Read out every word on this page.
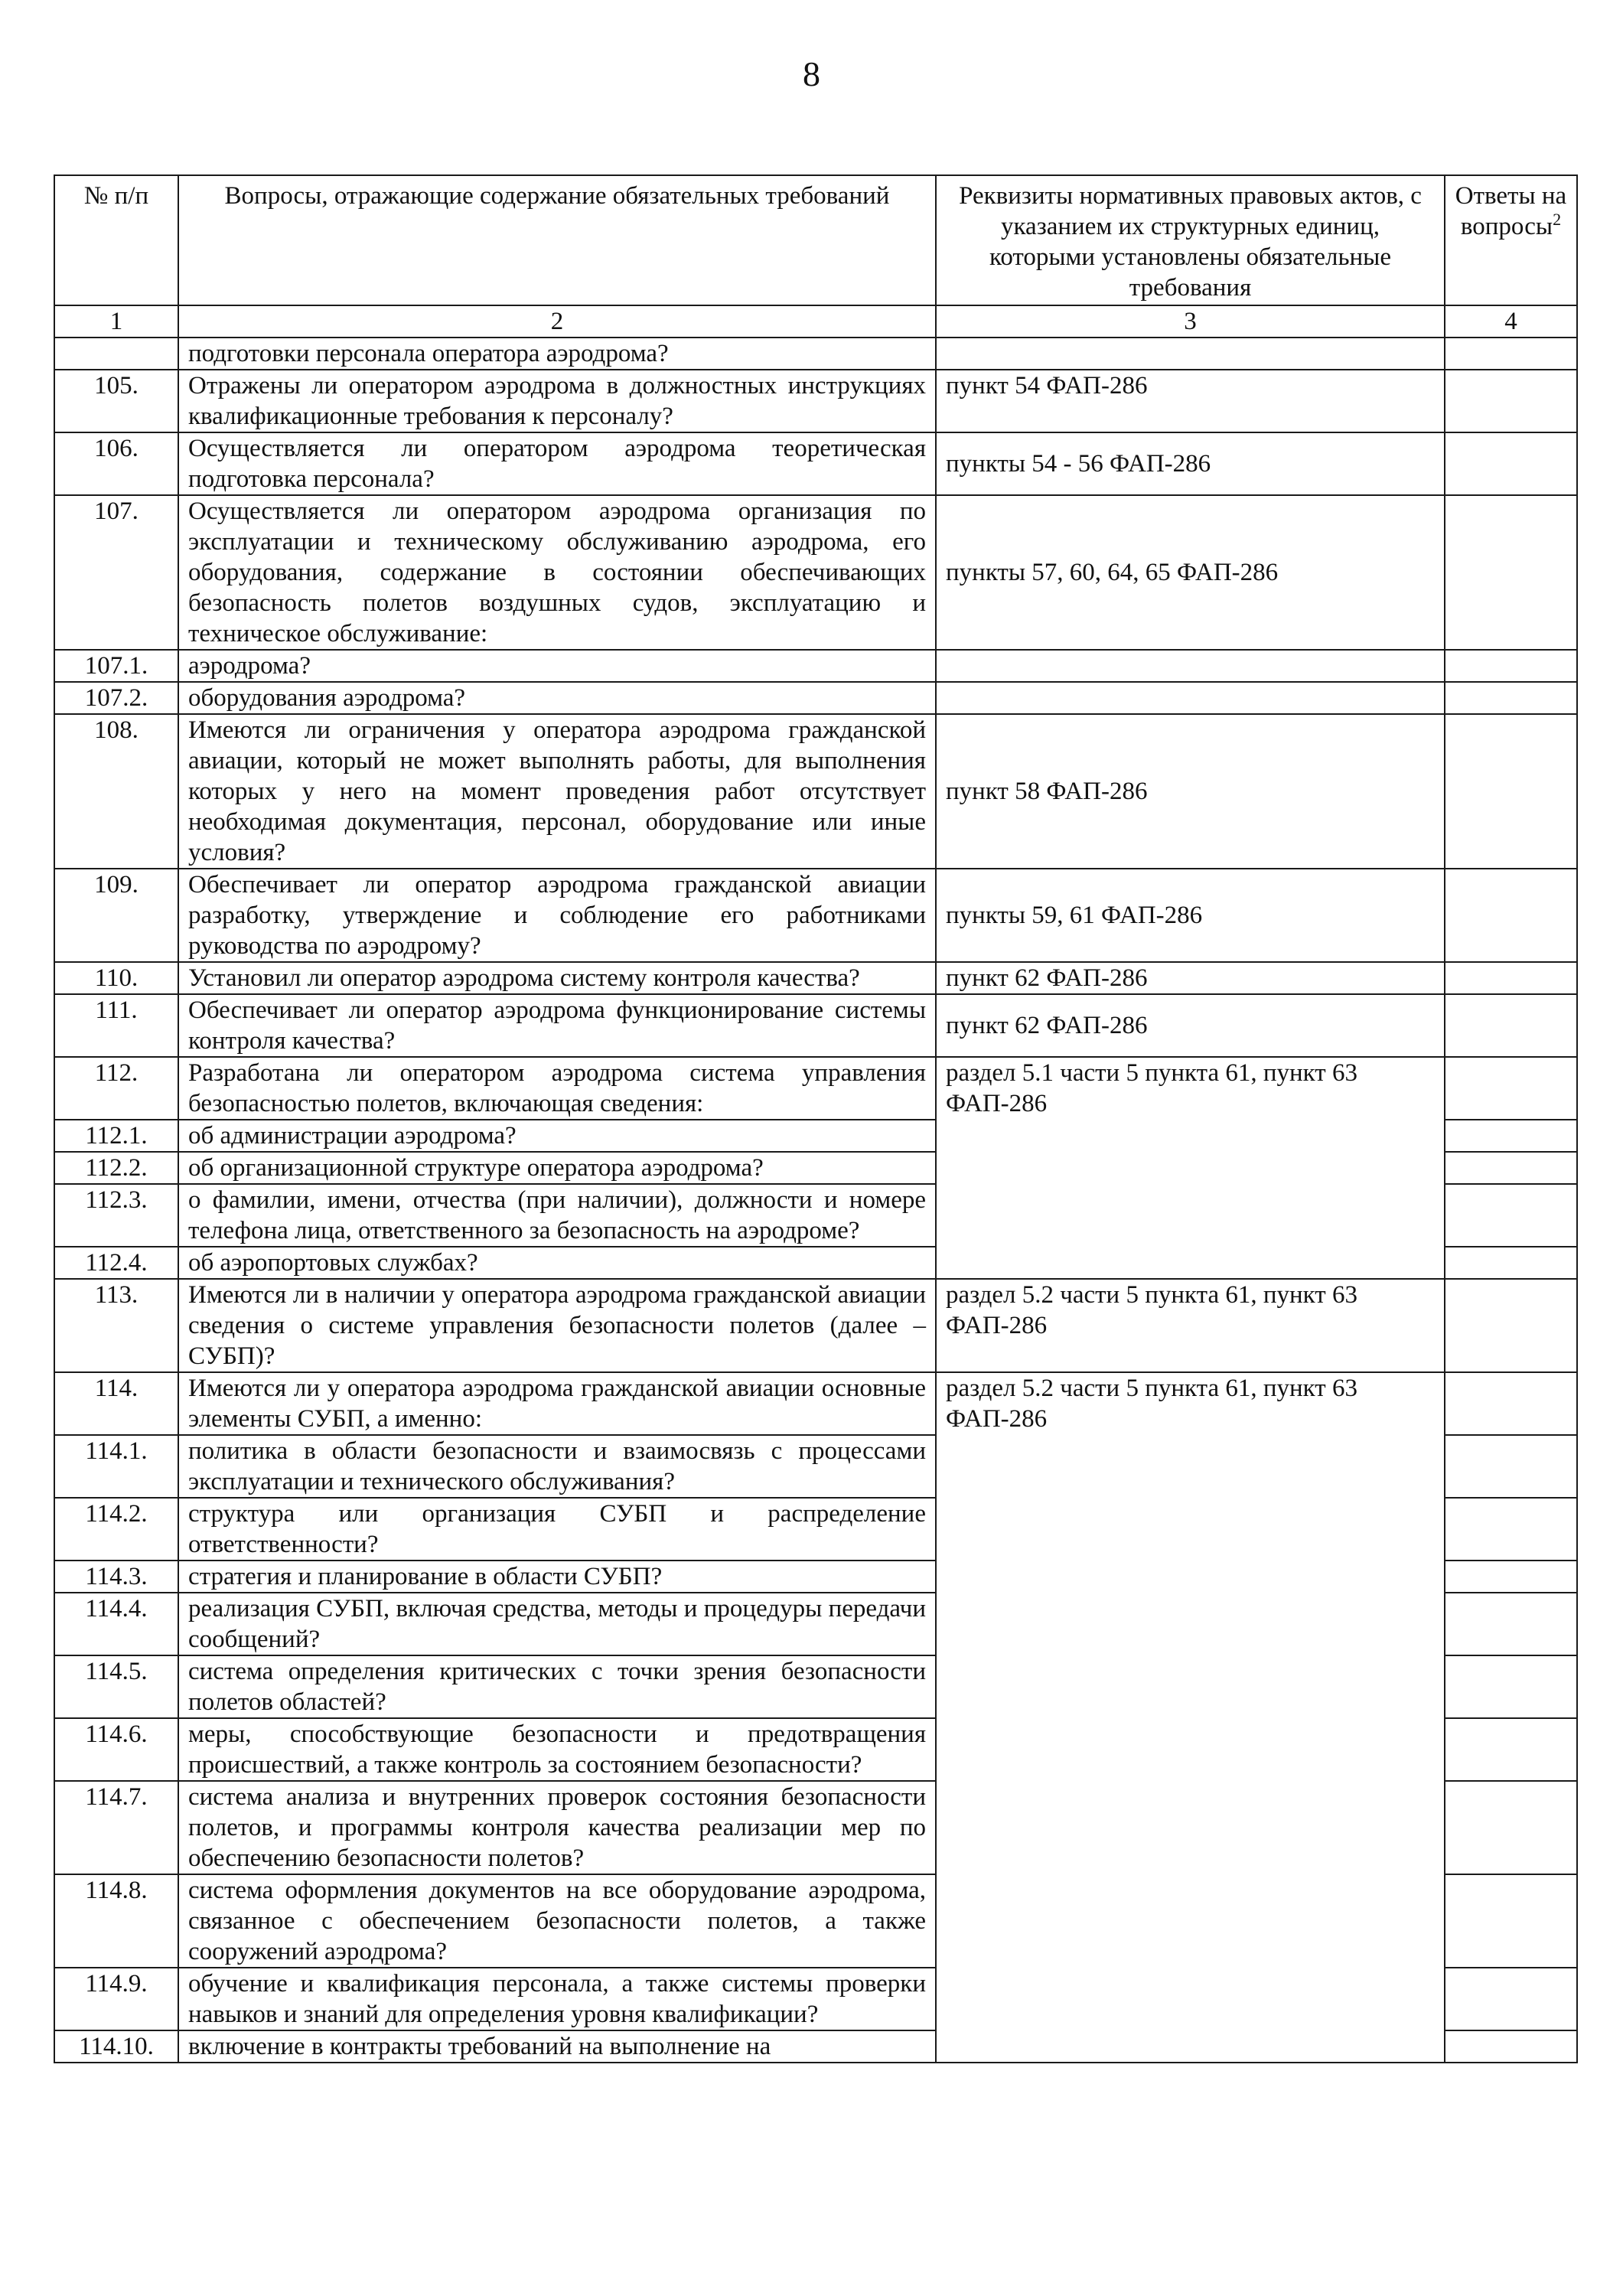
8
№ п/п	Вопросы, отражающие содержание обязательных требований	Реквизиты нормативных правовых актов, с указанием их структурных единиц, которыми установлены обязательные требования	Ответы на вопросы$^2$
1	2	3	4
	подготовки персонала оператора аэродрома?		
105.	Отражены ли оператором аэродрома в должностных инструкциях квалификационные требования к персоналу?	пункт 54 ФАП-286	
106.	Осуществляется ли оператором аэродрома теоретическая подготовка персонала?	пункты 54 - 56 ФАП-286	
107.	Осуществляется ли оператором аэродрома организация по эксплуатации и техническому обслуживанию аэродрома, его оборудования, содержание в состоянии обеспечивающих безопасность полетов воздушных судов, эксплуатацию и техническое обслуживание:	пункты 57, 60, 64, 65 ФАП-286	
107.1.	аэродрома?		
107.2.	оборудования аэродрома?		
108.	Имеются ли ограничения у оператора аэродрома гражданской авиации, который не может выполнять работы, для выполнения которых у него на момент проведения работ отсутствует необходимая документация, персонал, оборудование или иные условия?	пункт 58 ФАП-286	
109.	Обеспечивает ли оператор аэродрома гражданской авиации разработку, утверждение и соблюдение его работниками руководства по аэродрому?	пункты 59, 61 ФАП-286	
110.	Установил ли оператор аэродрома систему контроля качества?	пункт 62 ФАП-286	
111.	Обеспечивает ли оператор аэродрома функционирование системы контроля качества?	пункт 62 ФАП-286	
112.	Разработана ли оператором аэродрома система управления безопасностью полетов, включающая сведения:	раздел 5.1 части 5 пункта 61, пункт 63 ФАП-286	
112.1.	об администрации аэродрома?		
112.2.	об организационной структуре оператора аэродрома?		
112.3.	о фамилии, имени, отчества (при наличии), должности и номере телефона лица, ответственного за безопасность на аэродроме?		
112.4.	об аэропортовых службах?		
113.	Имеются ли в наличии у оператора аэродрома гражданской авиации сведения о системе управления безопасности полетов (далее – СУБП)?	раздел 5.2 части 5 пункта 61, пункт 63 ФАП-286	
114.	Имеются ли у оператора аэродрома гражданской авиации основные элементы СУБП, а именно:	раздел 5.2 части 5 пункта 61, пункт 63 ФАП-286	
114.1.	политика в области безопасности и взаимосвязь с процессами эксплуатации и технического обслуживания?		
114.2.	структура или организация СУБП и распределение ответственности?		
114.3.	стратегия и планирование в области СУБП?		
114.4.	реализация СУБП, включая средства, методы и процедуры передачи сообщений?		
114.5.	система определения критических с точки зрения безопасности полетов областей?		
114.6.	меры, способствующие безопасности и предотвращения происшествий, а также контроль за состоянием безопасности?		
114.7.	система анализа и внутренних проверок состояния безопасности полетов, и программы контроля качества реализации мер по обеспечению безопасности полетов?		
114.8.	система оформления документов на все оборудование аэродрома, связанное с обеспечением безопасности полетов, а также сооружений аэродрома?		
114.9.	обучение и квалификация персонала, а также системы проверки навыков и знаний для определения уровня квалификации?		
114.10.	включение в контракты требований на выполнение на		
